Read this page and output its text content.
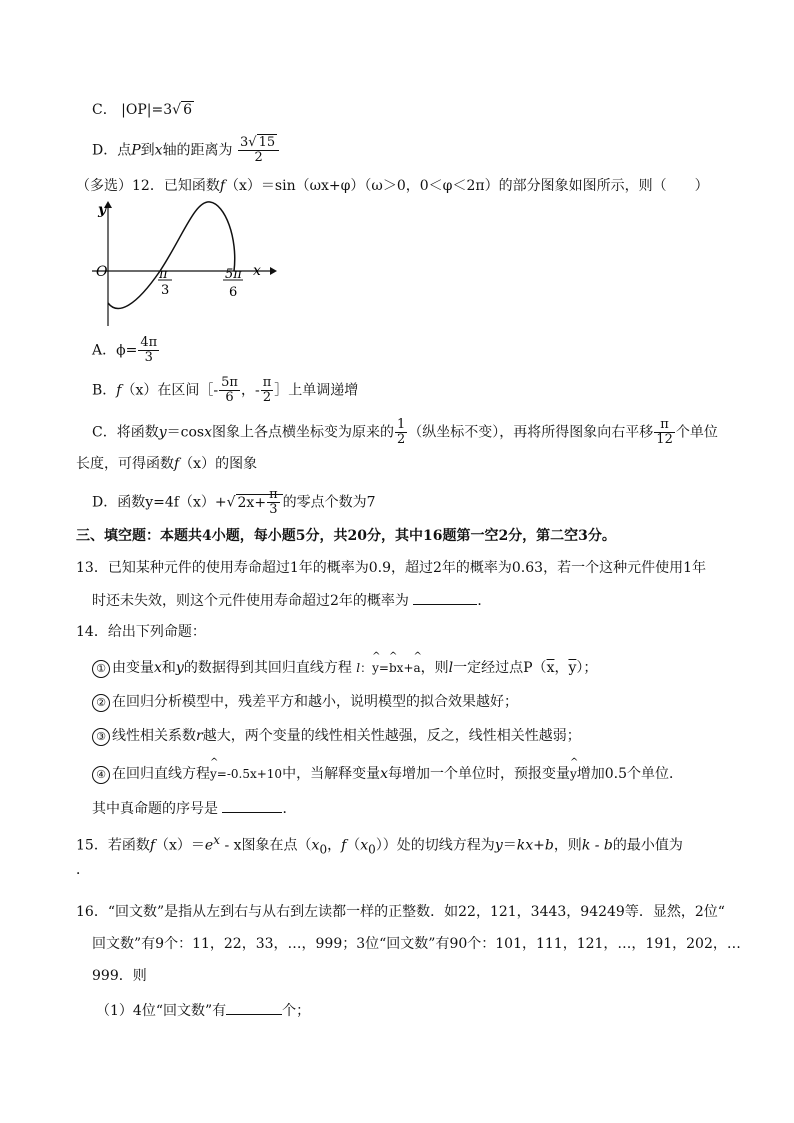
C． |OP|=3√ 6
D．点P到x轴的距离为 $\frac{3√ 15}{2}$
（多选）12．已知函数f（x）＝sin（ωx+φ）（ω＞0，0＜φ＜2π）的部分图象如图所示，则（　　）
y
x
O	π
3
5π
6
A．$\phi= \frac{4\pi}{3}$
B．f（x）在区间［- $\frac{5\pi}{6}$ ，- $\frac{\pi}{2}$ ］上单调递增
C．将函数y＝cosx图象上各点横坐标变为原来的 $\frac{1}{2}$ （纵坐标不变），再将所得图象向右平移 $\frac{\pi}{12}$ 个单位
长度，可得函数f（x）的图象
D．函数y=4f（x）+√ $2x+ \frac{\pi}{3}$ 的零点个数为7
三、填空题：本题共4小题，每小题5分，共20分，其中16题第一空2分，第二空3分。
13．已知某种元件的使用寿命超过1年的概率为0.9，超过2年的概率为0.63，若一个这种元件使用1年
时还未失效，则这个元件使用寿命超过2年的概率为	．
14．给出下列命题：
① 由变量x和y的数据得到其回归直线方程 l：^ y=^ bx+^ a，则l一定经过点$P(\overline{x}$，$\overline{y}$）；
② 在回归分析模型中，残差平方和越小，说明模型的拟合效果越好；
③ 线性相关系数r越大，两个变量的线性相关性越强，反之，线性相关性越弱；
④ 在回归直线方程^ y=-0.5x+10中，当解释变量x每增加一个单位时，预报变量^ y增加0.5个单位．
其中真命题的序号是	．
15．若函数$f(x)=e^x - x$图象在点（$x_0$，$f(x_0)$）处的切线方程为y＝kx+b，则k - b的最小值为
．
16．“回文数”是指从左到右与从右到左读都一样的正整数．如22，121，3443，94249等．显然，2位“
回文数”有9个：11，22，33，…，999；3位“回文数”有90个：101，111，121，…，191，202，…
999．则
（1）4位“回文数”有	个；
